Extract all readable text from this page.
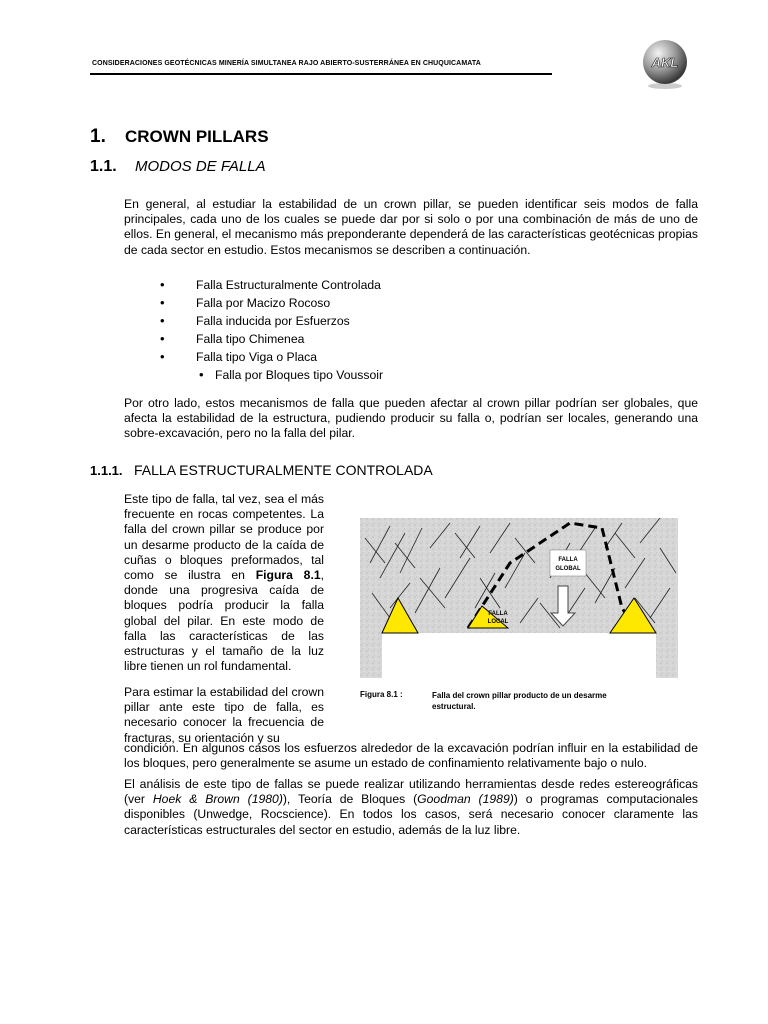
CONSIDERACIONES GEOTÉCNICAS MINERÍA SIMULTANEA RAJO ABIERTO-SUSTERRÁNEA EN CHUQUICAMATA	AKL
1. CROWN PILLARS
1.1. MODOS DE FALLA
En general, al estudiar la estabilidad de un crown pillar, se pueden identificar seis modos de falla principales, cada uno de los cuales se puede dar por si solo o por una combinación de más de uno de ellos. En general, el mecanismo más preponderante dependerá de las características geotécnicas propias de cada sector en estudio. Estos mecanismos se describen a continuación.
• Falla Estructuralmente Controlada
• Falla por Macizo Rocoso
• Falla inducida por Esfuerzos
• Falla tipo Chimenea
• Falla tipo Viga o Placa
• Falla por Bloques tipo Voussoir
Por otro lado, estos mecanismos de falla que pueden afectar al crown pillar podrían ser globales, que afecta la estabilidad de la estructura, pudiendo producir su falla o, podrían ser locales, generando una sobre-excavación, pero no la falla del pilar.
1.1.1. FALLA ESTRUCTURALMENTE CONTROLADA
Este tipo de falla, tal vez, sea el más frecuente en rocas competentes. La falla del crown pillar se produce por un desarme producto de la caída de cuñas o bloques preformados, tal como se ilustra en Figura 8.1, donde una progresiva caída de bloques podría producir la falla global del pilar. En este modo de falla las características de las estructuras y el tamaño de la luz libre tienen un rol fundamental.
Para estimar la estabilidad del crown pillar ante este tipo de falla, es necesario conocer la frecuencia de fracturas, su orientación y su
condición. En algunos casos los esfuerzos alrededor de la excavación podrían influir en la estabilidad de los bloques, pero generalmente se asume un estado de confinamiento relativamente bajo o nulo.
El análisis de este tipo de fallas se puede realizar utilizando herramientas desde redes estereográficas (ver Hoek & Brown (1980)), Teoría de Bloques (Goodman (1989)) o programas computacionales disponibles (Unwedge, Rocscience). En todos los casos, será necesario conocer claramente las características estructurales del sector en estudio, además de la luz libre.
FALLA
GLOBAL
FALLA
LOCAL
Figura 8.1 :	Falla del crown pillar producto de un desarme estructural.
